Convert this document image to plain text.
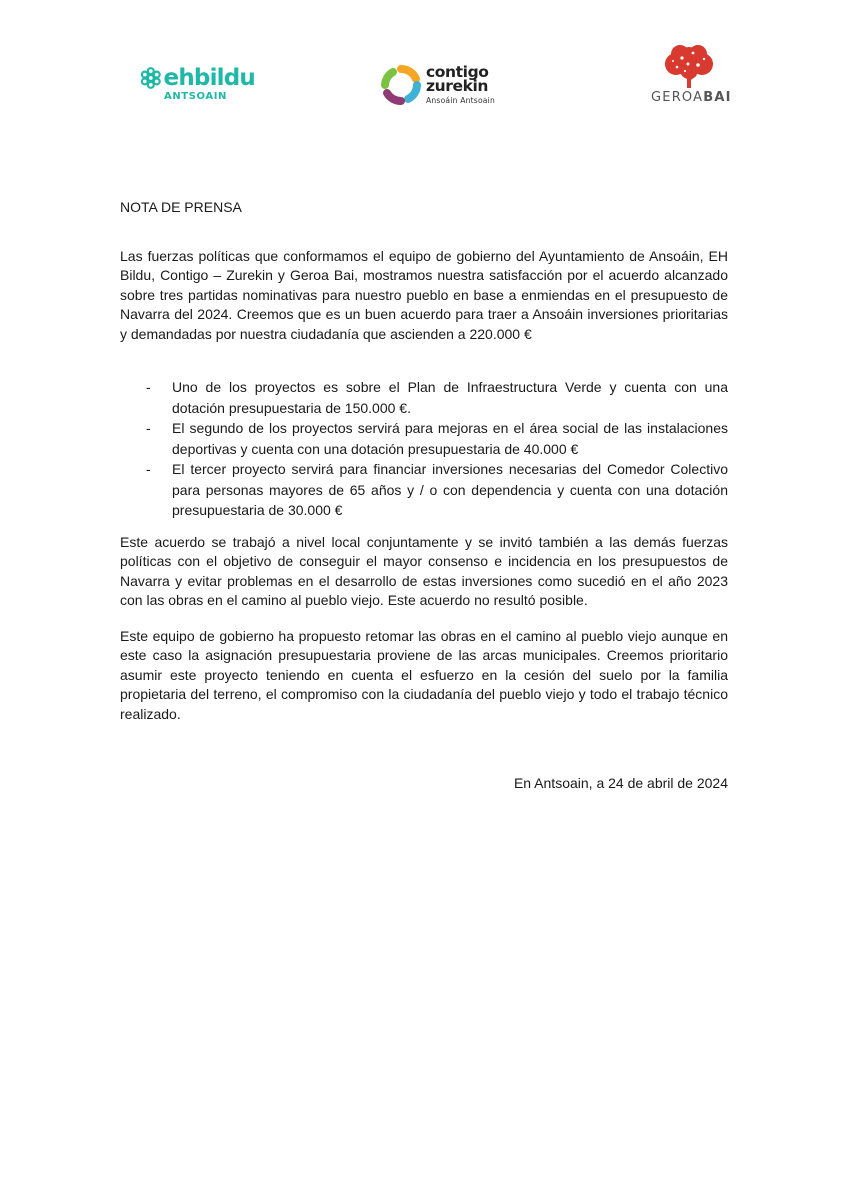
ehbildu
ANTSOAIN
contigo
zurekin
Ansoáin Antsoain	GEROABAI
NOTA DE PRENSA

Las fuerzas políticas que conformamos el equipo de gobierno del Ayuntamiento de Ansoáin, EH Bildu, Contigo – Zurekin y Geroa Bai, mostramos nuestra satisfacción por el acuerdo alcanzado sobre tres partidas nominativas para nuestro pueblo en base a enmiendas en el presupuesto de Navarra del 2024. Creemos que es un buen acuerdo para traer a Ansoáin inversiones prioritarias y demandadas por nuestra ciudadanía que ascienden a 220.000 €

- Uno de los proyectos es sobre el Plan de Infraestructura Verde y cuenta con una dotación presupuestaria de 150.000 €.
- El segundo de los proyectos servirá para mejoras en el área social de las instalaciones deportivas y cuenta con una dotación presupuestaria de 40.000 €
- El tercer proyecto servirá para financiar inversiones necesarias del Comedor Colectivo para personas mayores de 65 años y / o con dependencia y cuenta con una dotación presupuestaria de 30.000 €

Este acuerdo se trabajó a nivel local conjuntamente y se invitó también a las demás fuerzas políticas con el objetivo de conseguir el mayor consenso e incidencia en los presupuestos de Navarra y evitar problemas en el desarrollo de estas inversiones como sucedió en el año 2023 con las obras en el camino al pueblo viejo. Este acuerdo no resultó posible.

Este equipo de gobierno ha propuesto retomar las obras en el camino al pueblo viejo aunque en este caso la asignación presupuestaria proviene de las arcas municipales. Creemos prioritario asumir este proyecto teniendo en cuenta el esfuerzo en la cesión del suelo por la familia propietaria del terreno, el compromiso con la ciudadanía del pueblo viejo y todo el trabajo técnico realizado.

En Antsoain, a 24 de abril de 2024
